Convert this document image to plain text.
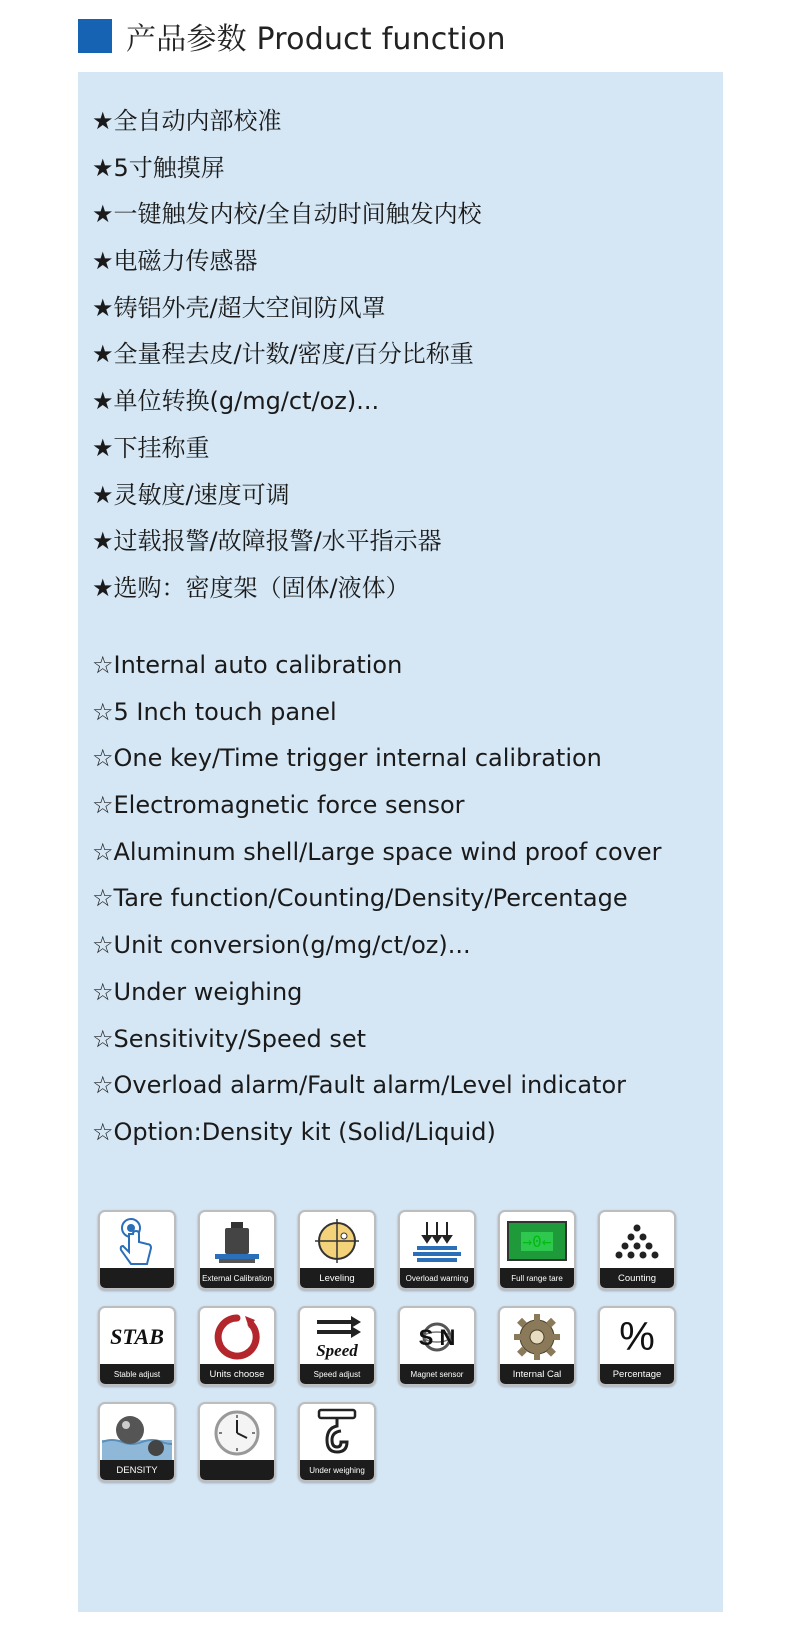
产品参数 Product function
★全自动内部校准
★5寸触摸屏
★一键触发内校/全自动时间触发内校
★电磁力传感器
★铸铝外壳/超大空间防风罩
★全量程去皮/计数/密度/百分比称重
★单位转换(g/mg/ct/oz)...
★下挂称重
★灵敏度/速度可调
★过载报警/故障报警/水平指示器
★选购：密度架（固体/液体）
☆Internal auto calibration
☆5 Inch touch panel
☆One key/Time trigger internal calibration
☆Electromagnetic force sensor
☆Aluminum shell/Large space wind proof cover
☆Tare function/Counting/Density/Percentage
☆Unit conversion(g/mg/ct/oz)...
☆Under weighing
☆Sensitivity/Speed set
☆Overload alarm/Fault alarm/Level indicator
☆Option:Density kit (Solid/Liquid)
External Calibration	Leveling	Overload warning
→0←
Full range tare	Counting
STAB
Stable adjust	Units choose
Speed
Speed adjust
S N
Magnet sensor	Internal Cal
%
Percentage
DENSITY	Under weighing
